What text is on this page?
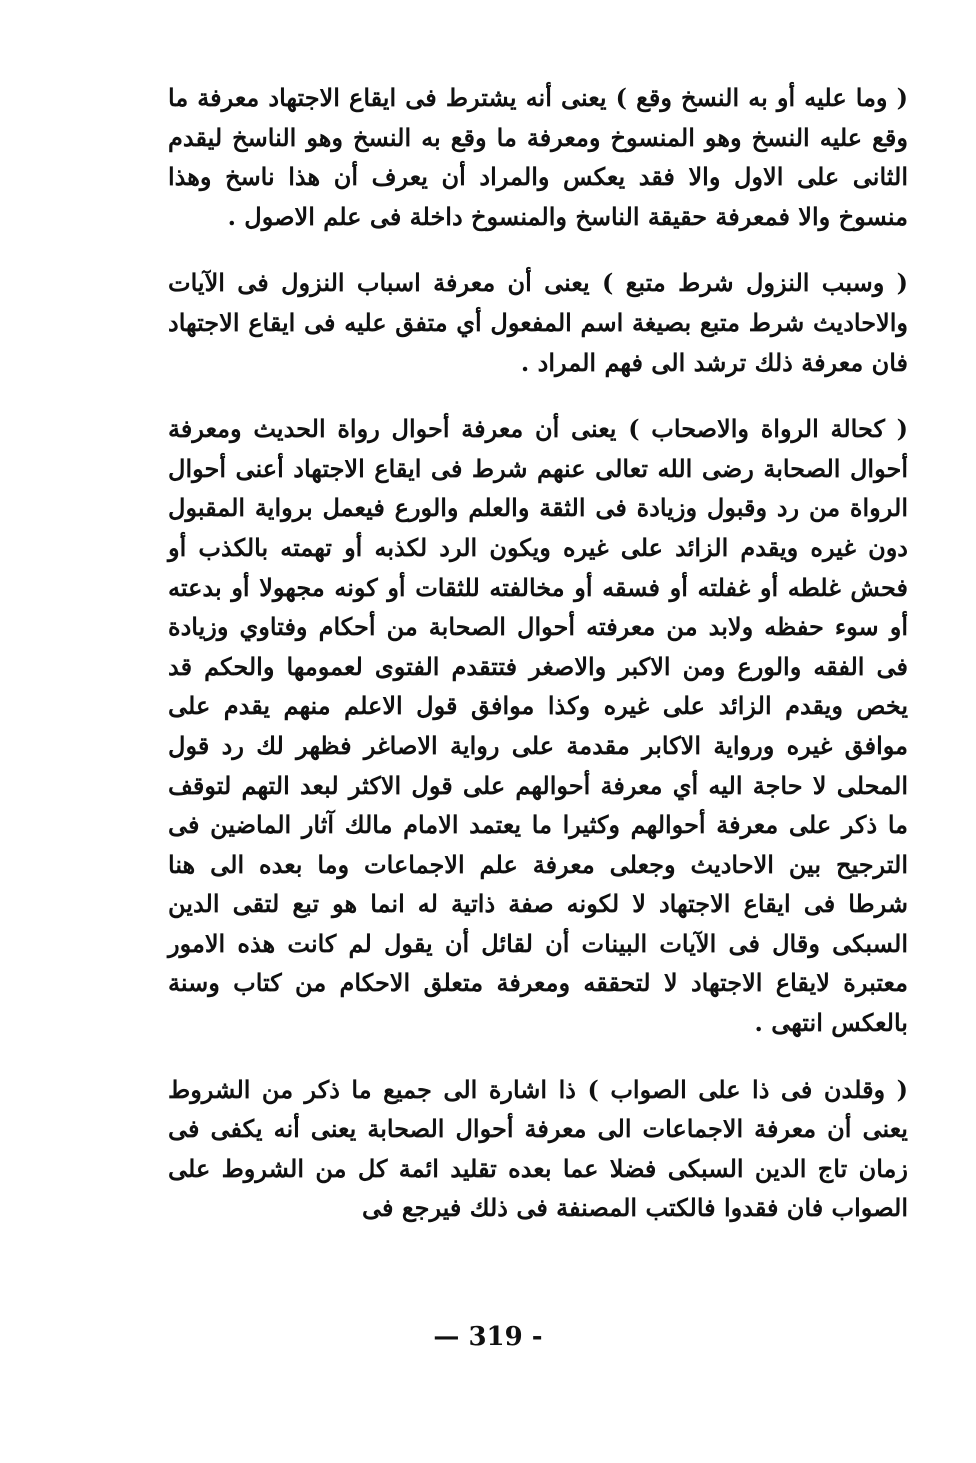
( وما عليه أو به النسخ وقع ) يعنى أنه يشترط فى ايقاع الاجتهاد معرفة ما وقع عليه النسخ وهو المنسوخ ومعرفة ما وقع به النسخ وهو الناسخ ليقدم الثانى على الاول والا فقد يعكس والمراد أن يعرف أن هذا ناسخ وهذا منسوخ والا فمعرفة حقيقة الناسخ والمنسوخ داخلة فى علم الاصول .

( وسبب النزول شرط متبع ) يعنى أن معرفة اسباب النزول فى الآيات والاحاديث شرط متبع بصيغة اسم المفعول أي متفق عليه فى ايقاع الاجتهاد فان معرفة ذلك ترشد الى فهم المراد .

( كحالة الرواة والاصحاب ) يعنى أن معرفة أحوال رواة الحديث ومعرفة أحوال الصحابة رضى الله تعالى عنهم شرط فى ايقاع الاجتهاد أعنى أحوال الرواة من رد وقبول وزيادة فى الثقة والعلم والورع فيعمل برواية المقبول دون غيره ويقدم الزائد على غيره ويكون الرد لكذبه أو تهمته بالكذب أو فحش غلطه أو غفلته أو فسقه أو مخالفته للثقات أو كونه مجهولا أو بدعته أو سوء حفظه ولابد من معرفته أحوال الصحابة من أحكام وفتاوي وزيادة فى الفقه والورع ومن الاكبر والاصغر فتتقدم الفتوى لعمومها والحكم قد يخص ويقدم الزائد على غيره وكذا موافق قول الاعلم منهم يقدم على موافق غيره ورواية الاكابر مقدمة على رواية الاصاغر فظهر لك رد قول المحلى لا حاجة اليه أي معرفة أحوالهم على قول الاكثر لبعد التهم لتوقف ما ذكر على معرفة أحوالهم وكثيرا ما يعتمد الامام مالك آثار الماضين فى الترجيح بين الاحاديث وجعلى معرفة علم الاجماعات وما بعده الى هنا شرطا فى ايقاع الاجتهاد لا لكونه صفة ذاتية له انما هو تبع لتقى الدين السبكى وقال فى الآيات البينات أن لقائل أن يقول لم كانت هذه الامور معتبرة لايقاع الاجتهاد لا لتحققه ومعرفة متعلق الاحكام من كتاب وسنة بالعكس انتهى .

( وقلدن فى ذا على الصواب ) ذا اشارة الى جميع ما ذكر من الشروط يعنى أن معرفة الاجماعات الى معرفة أحوال الصحابة يعنى أنه يكفى فى زمان تاج الدين السبكى فضلا عما بعده تقليد ائمة كل من الشروط على الصواب فان فقدوا فالكتب المصنفة فى ذلك فيرجع فى

— 319 -
